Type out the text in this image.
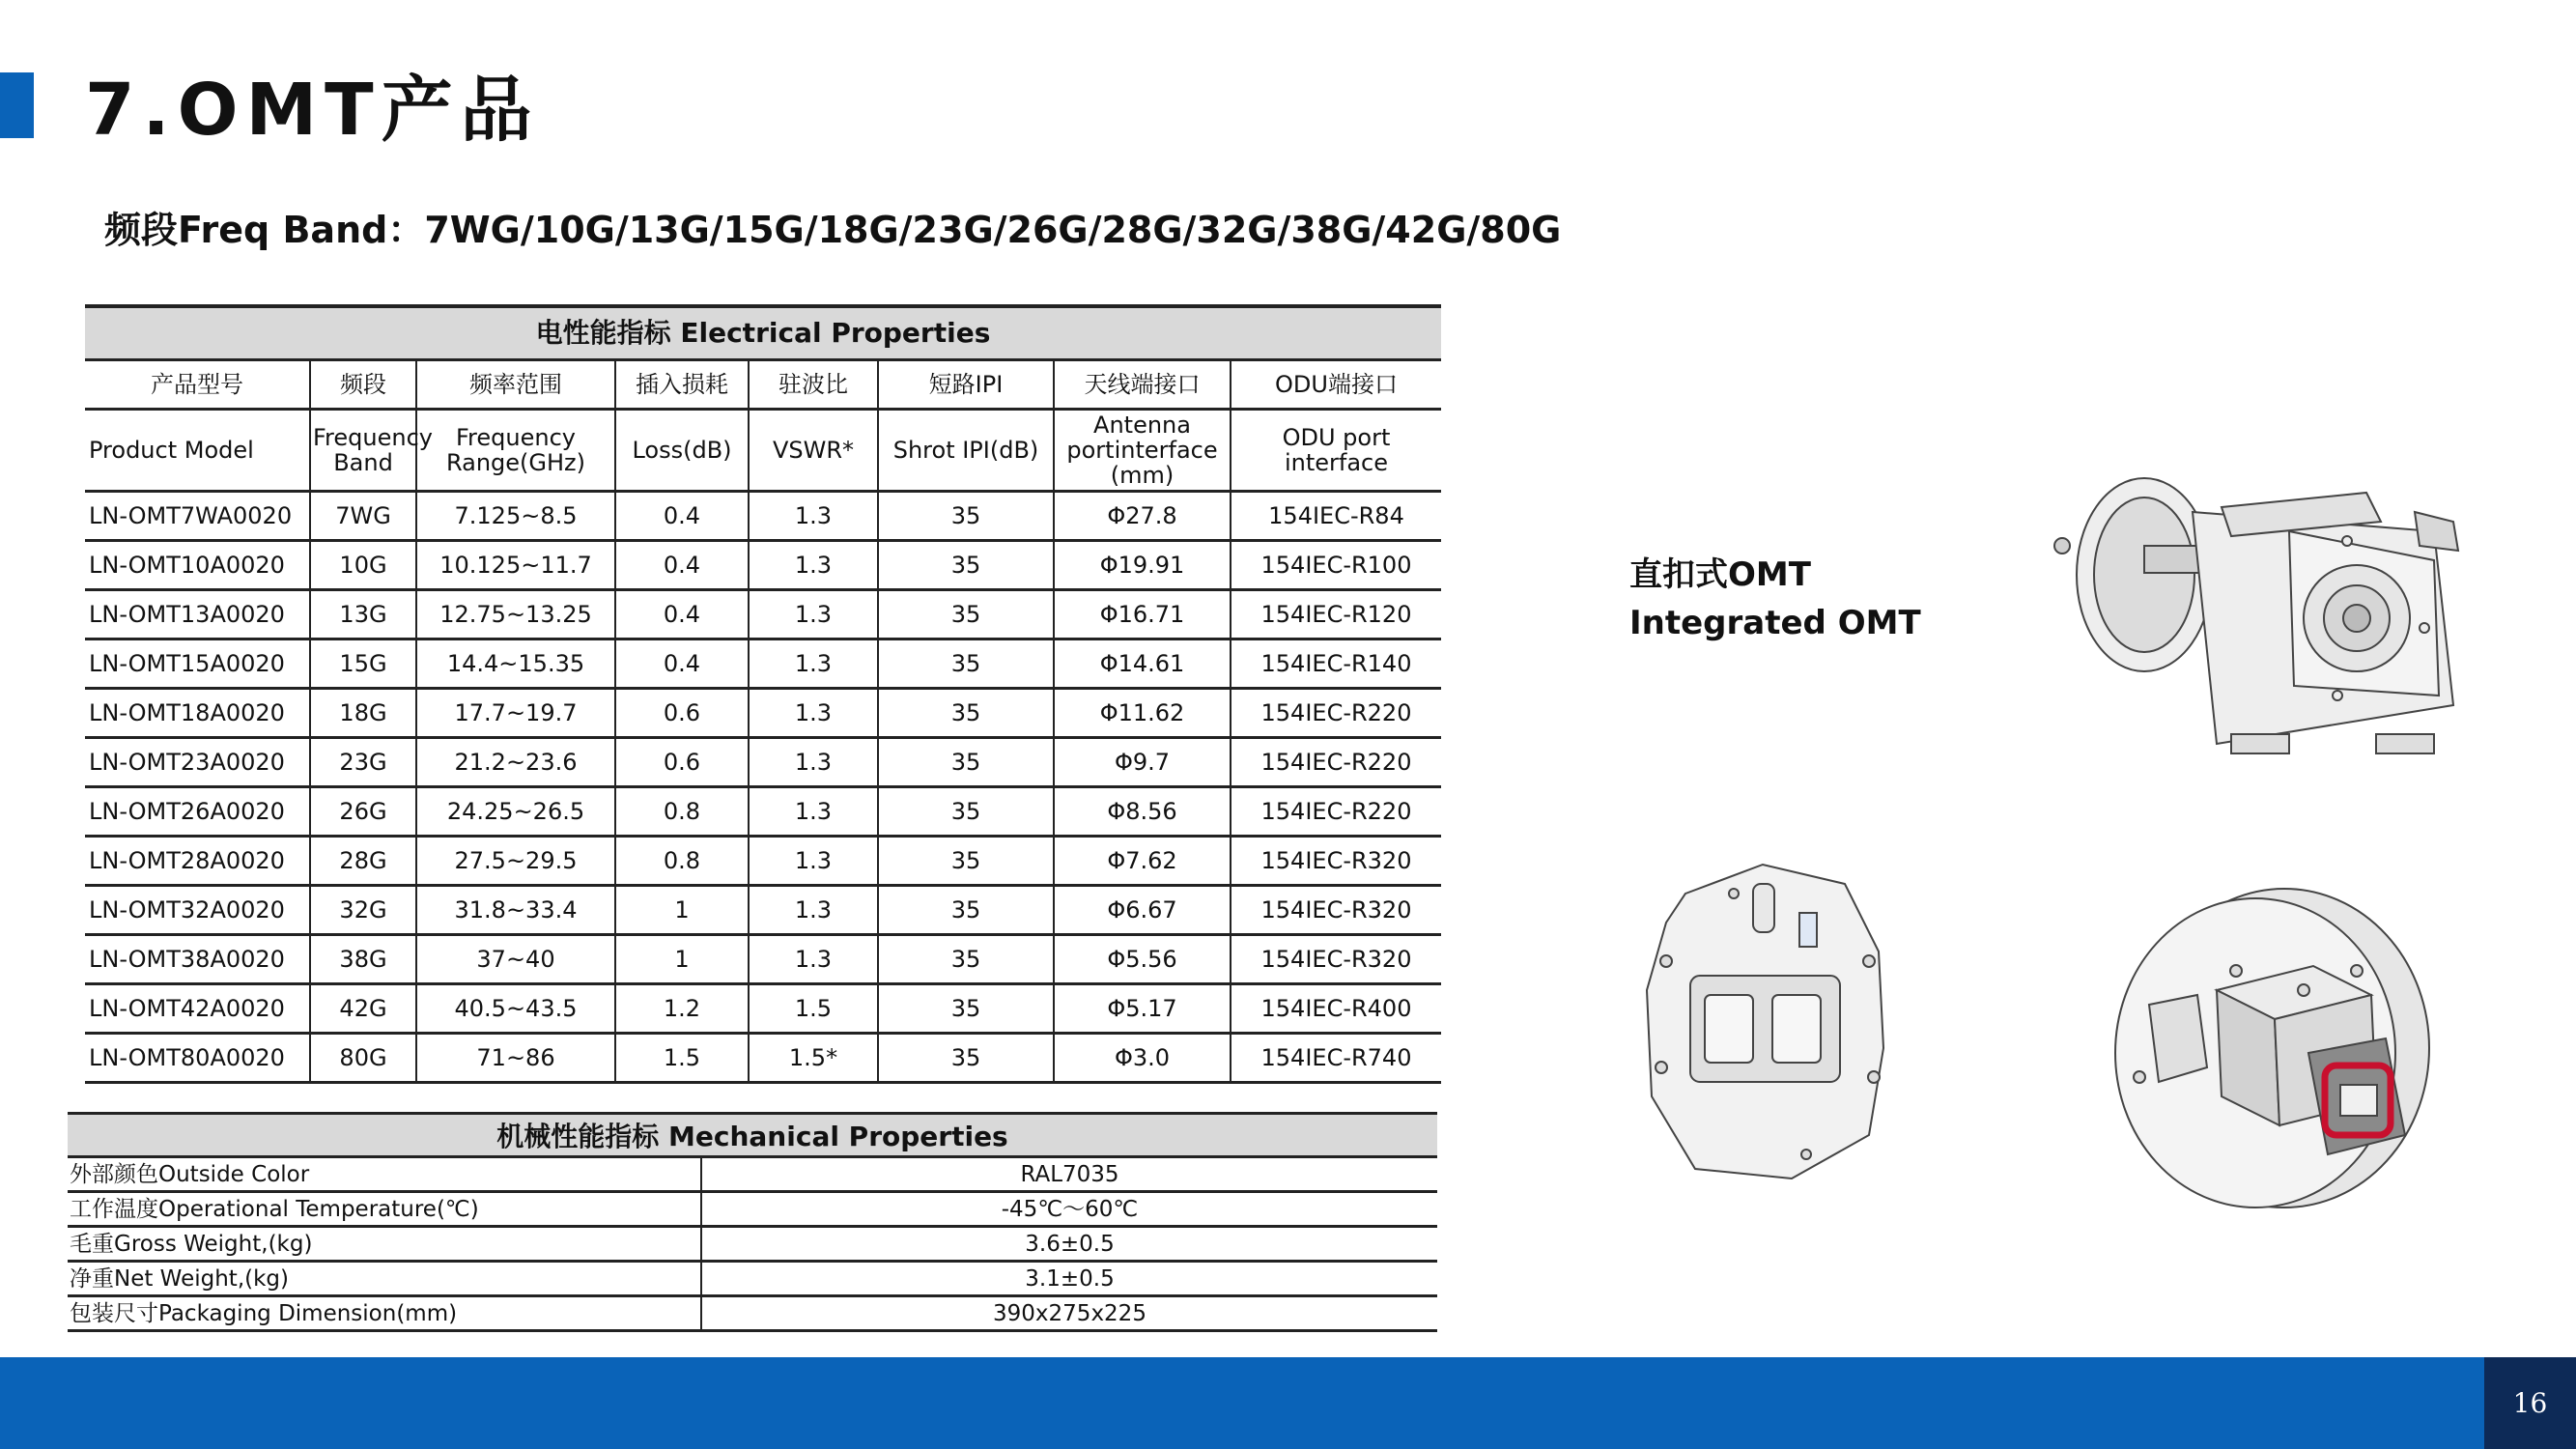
7.OMT产品
频段Freq Band：7WG/10G/13G/15G/18G/23G/26G/28G/32G/38G/42G/80G
电性能指标 Electrical Properties							
产品型号	频段	频率范围	插入损耗	驻波比	短路IPI	天线端接口	ODU端接口
Product Model	Frequency Band	Frequency Range(GHz)	Loss(dB)	VSWR*	Shrot IPI(dB)	Antenna portinterface (mm)	ODU port interface
LN-OMT7WA0020	7WG	7.125~8.5	0.4	1.3	35	Φ27.8	154IEC-R84
LN-OMT10A0020	10G	10.125~11.7	0.4	1.3	35	Φ19.91	154IEC-R100
LN-OMT13A0020	13G	12.75~13.25	0.4	1.3	35	Φ16.71	154IEC-R120
LN-OMT15A0020	15G	14.4~15.35	0.4	1.3	35	Φ14.61	154IEC-R140
LN-OMT18A0020	18G	17.7~19.7	0.6	1.3	35	Φ11.62	154IEC-R220
LN-OMT23A0020	23G	21.2~23.6	0.6	1.3	35	Φ9.7	154IEC-R220
LN-OMT26A0020	26G	24.25~26.5	0.8	1.3	35	Φ8.56	154IEC-R220
LN-OMT28A0020	28G	27.5~29.5	0.8	1.3	35	Φ7.62	154IEC-R320
LN-OMT32A0020	32G	31.8~33.4	1	1.3	35	Φ6.67	154IEC-R320
LN-OMT38A0020	38G	37~40	1	1.3	35	Φ5.56	154IEC-R320
LN-OMT42A0020	42G	40.5~43.5	1.2	1.5	35	Φ5.17	154IEC-R400
LN-OMT80A0020	80G	71~86	1.5	1.5*	35	Φ3.0	154IEC-R740
机械性能指标 Mechanical Properties	
外部颜色Outside Color	RAL7035
工作温度Operational Temperature(℃)	-45℃～60℃
毛重Gross Weight,(kg)	3.6±0.5
净重Net Weight,(kg)	3.1±0.5
包装尺寸Packaging Dimension(mm)	390x275x225
直扣式OMT
Integrated OMT
16
